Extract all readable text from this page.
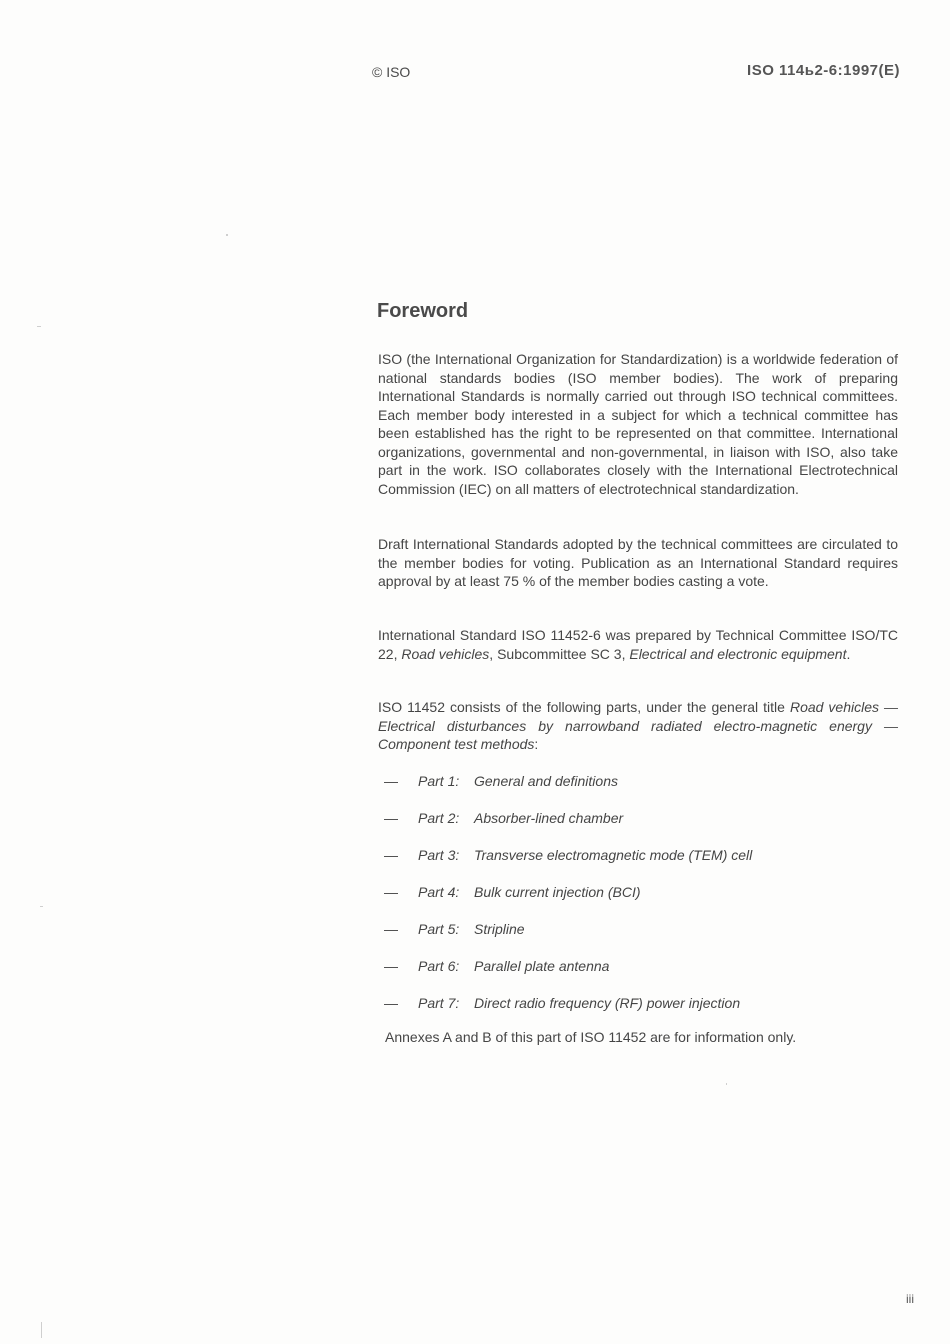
© ISO	ISO 114ь2-6:1997(E)
Foreword

ISO (the International Organization for Standardization) is a worldwide federation of national standards bodies (ISO member bodies). The work of preparing International Standards is normally carried out through ISO technical committees. Each member body interested in a subject for which a technical committee has been established has the right to be represented on that committee. International organizations, governmental and non-governmental, in liaison with ISO, also take part in the work. ISO collaborates closely with the International Electrotechnical Commission (IEC) on all matters of electrotechnical standardization.

Draft International Standards adopted by the technical committees are circulated to the member bodies for voting. Publication as an International Standard requires approval by at least 75 % of the member bodies casting a vote.

International Standard ISO 11452-6 was prepared by Technical Committee ISO/TC 22, Road vehicles, Subcommittee SC 3, Electrical and electronic equipment.

ISO 11452 consists of the following parts, under the general title Road vehicles — Electrical disturbances by narrowband radiated electro-magnetic energy — Component test methods:

— Part 1: General and definitions
— Part 2: Absorber-lined chamber
— Part 3: Transverse electromagnetic mode (TEM) cell
— Part 4: Bulk current injection (BCI)
— Part 5: Stripline
— Part 6: Parallel plate antenna
— Part 7: Direct radio frequency (RF) power injection

Annexes A and B of this part of ISO 11452 are for information only.

iii
